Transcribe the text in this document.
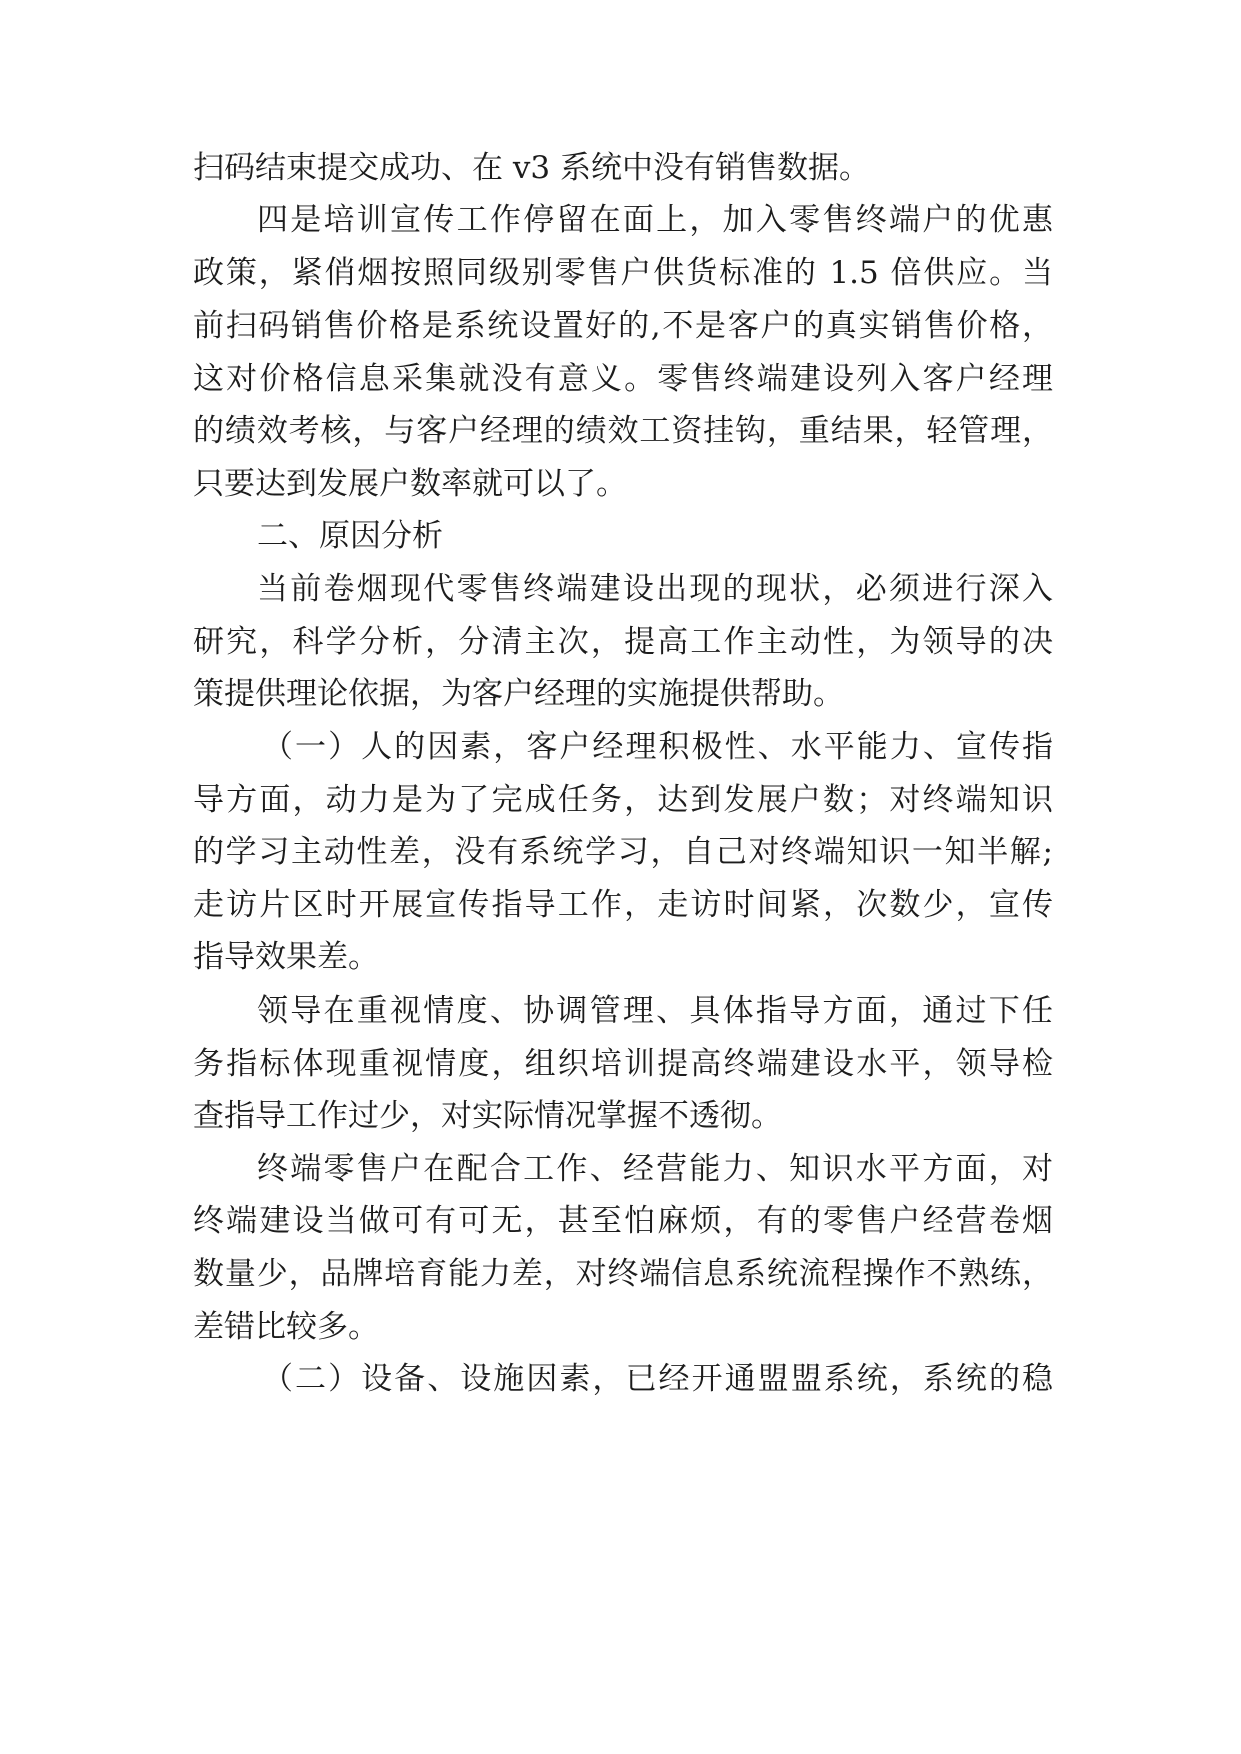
扫码结束提交成功、在 v3 系统中没有销售数据。
四是培训宣传工作停留在面上，加入零售终端户的优惠
政策，紧俏烟按照同级别零售户供货标准的 1.5 倍供应。当
前扫码销售价格是系统设置好的,不是客户的真实销售价格，
这对价格信息采集就没有意义。零售终端建设列入客户经理
的绩效考核，与客户经理的绩效工资挂钩，重结果，轻管理，
只要达到发展户数率就可以了。
二、原因分析
当前卷烟现代零售终端建设出现的现状，必须进行深入
研究，科学分析，分清主次，提高工作主动性，为领导的决
策提供理论依据，为客户经理的实施提供帮助。
（一）人的因素，客户经理积极性、水平能力、宣传指
导方面，动力是为了完成任务，达到发展户数；对终端知识
的学习主动性差，没有系统学习，自己对终端知识一知半解;
走访片区时开展宣传指导工作，走访时间紧，次数少，宣传
指导效果差。
领导在重视情度、协调管理、具体指导方面，通过下任
务指标体现重视情度，组织培训提高终端建设水平，领导检
查指导工作过少，对实际情况掌握不透彻。
终端零售户在配合工作、经营能力、知识水平方面，对
终端建设当做可有可无，甚至怕麻烦，有的零售户经营卷烟
数量少，品牌培育能力差，对终端信息系统流程操作不熟练，
差错比较多。
（二）设备、设施因素，已经开通盟盟系统，系统的稳
